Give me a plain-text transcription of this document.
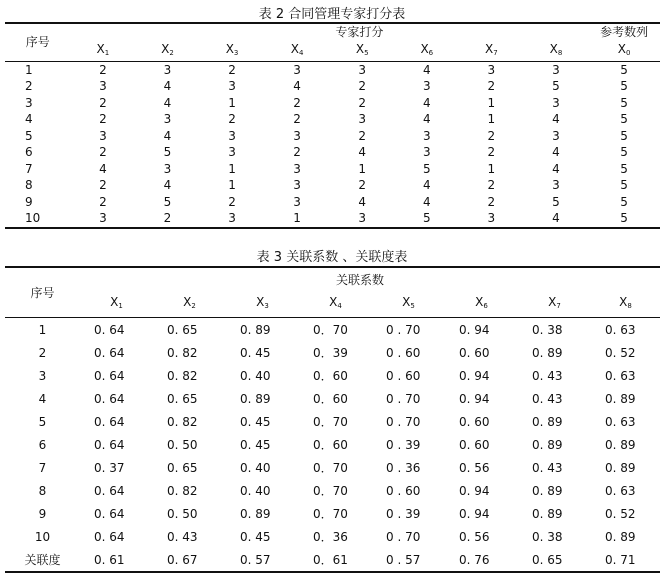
表 2 合同管理专家打分表
序号	专家打分								参考数列
	$X_1$	$X_2$	$X_3$	$X_4$	$X_5$	$X_6$	$X_7$	$X_8$	$X_0$
1	2	3	2	3	3	4	3	3	5
2	3	4	3	4	2	3	2	5	5
3	2	4	1	2	2	4	1	3	5
4	2	3	2	2	3	4	1	4	5
5	3	4	3	3	2	3	2	3	5
6	2	5	3	2	4	3	2	4	5
7	4	3	1	3	1	5	1	4	5
8	2	4	1	3	2	4	2	3	5
9	2	5	2	3	4	4	2	5	5
10	3	2	3	1	3	5	3	4	5
表 3 关联系数 、关联度表
序号	关联系数							
	$X_1$	$X_2$	$X_3$	$X_4$	$X_5$	$X_6$	$X_7$	$X_8$
1	0. 64	0. 65	0. 89	0．70	0 . 70	0. 94	0. 38	0. 63
2	0. 64	0. 82	0. 45	0．39	0 . 60	0. 60	0. 89	0. 52
3	0. 64	0. 82	0. 40	0．60	0 . 60	0. 94	0. 43	0. 63
4	0. 64	0. 65	0. 89	0．60	0 . 70	0. 94	0. 43	0. 89
5	0. 64	0. 82	0. 45	0．70	0 . 70	0. 60	0. 89	0. 63
6	0. 64	0. 50	0. 45	0．60	0 . 39	0. 60	0. 89	0. 89
7	0. 37	0. 65	0. 40	0．70	0 . 36	0. 56	0. 43	0. 89
8	0. 64	0. 82	0. 40	0．70	0 . 60	0. 94	0. 89	0. 63
9	0. 64	0. 50	0. 89	0．70	0 . 39	0. 94	0. 89	0. 52
10	0. 64	0. 43	0. 45	0．36	0 . 70	0. 56	0. 38	0. 89
关联度	0. 61	0. 67	0. 57	0．61	0 . 57	0. 76	0. 65	0. 71
